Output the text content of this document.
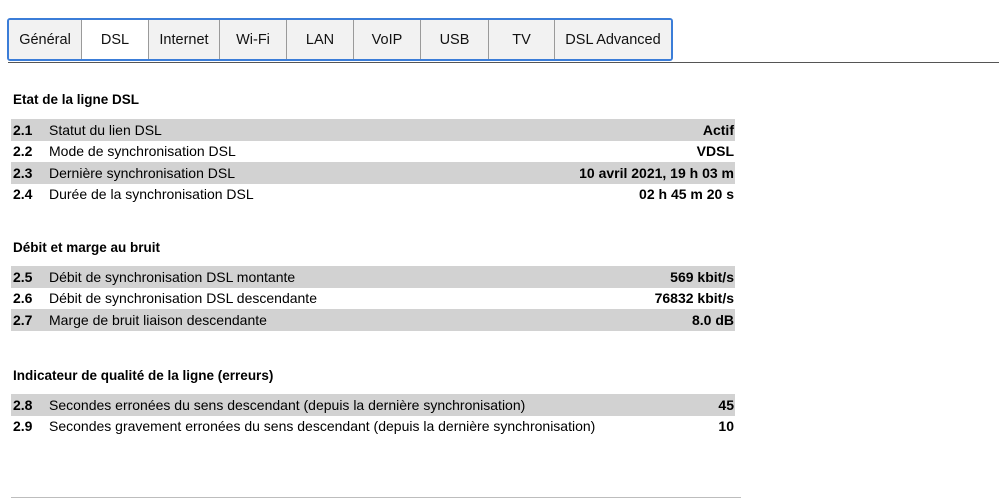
Général	DSL	Internet	Wi-Fi	LAN	VoIP	USB	TV	DSL Advanced
Etat de la ligne DSL
2.1	Statut du lien DSL	Actif
2.2	Mode de synchronisation DSL	VDSL
2.3	Dernière synchronisation DSL	10 avril 2021, 19 h 03 m
2.4	Durée de la synchronisation DSL	02 h 45 m 20 s
Débit et marge au bruit
2.5	Débit de synchronisation DSL montante	569 kbit/s
2.6	Débit de synchronisation DSL descendante	76832 kbit/s
2.7	Marge de bruit liaison descendante	8.0 dB
Indicateur de qualité de la ligne (erreurs)
2.8	Secondes erronées du sens descendant (depuis la dernière synchronisation)	45
2.9	Secondes gravement erronées du sens descendant (depuis la dernière synchronisation)	10
